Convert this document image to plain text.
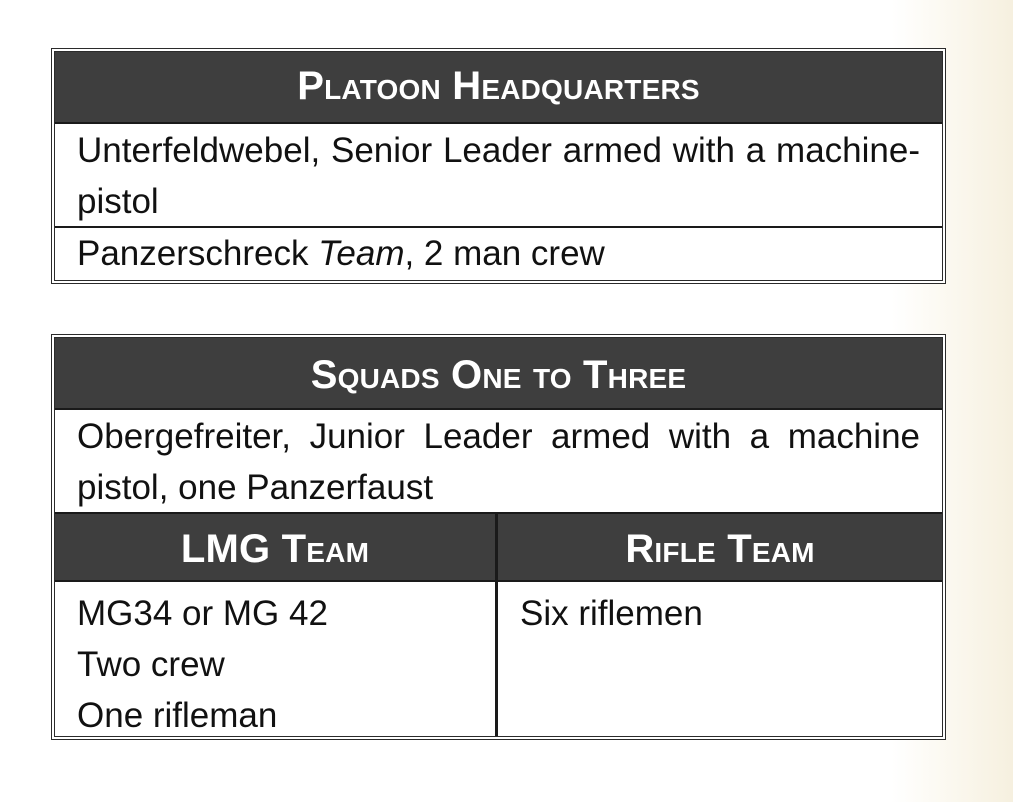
Platoon Headquarters
Unterfeldwebel, Senior Leader armed with a machine-pistol
Panzerschreck Team, 2 man crew
Squads One to Three
Obergefreiter, Junior Leader armed with a machine pistol, one Panzerfaust
LMG Team
MG34 or MG 42
Two crew
One rifleman
Rifle Team
Six riflemen
